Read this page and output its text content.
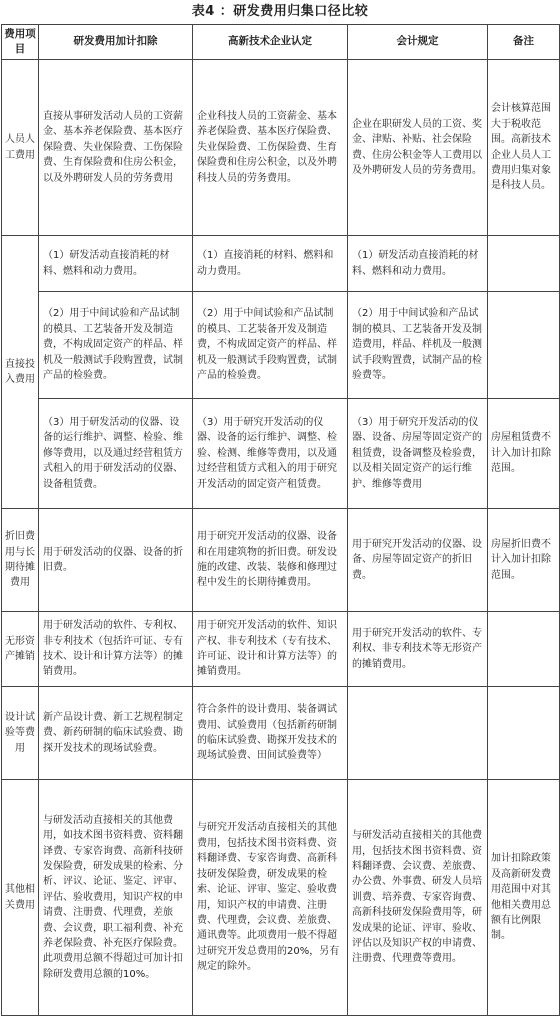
表4 ：研发费用归集口径比较
费用项目	研发费用加计扣除	高新技术企业认定	会计规定	备注
人员人工费用	直接从事研发活动人员的工资薪金、基本养老保险费、基本医疗保险费、失业保险费、工伤保险费、生育保险费和住房公积金，以及外聘研发人员的劳务费用	企业科技人员的工资薪金、基本养老保险费、基本医疗保险费、失业保险费、工伤保险费、生育保险费和住房公积金，以及外聘科技人员的劳务费用。	企业在职研发人员的工资、奖金、津贴、补贴、社会保险费、住房公积金等人工费用以及外聘研发人员的劳务费用。	会计核算范围大于税收范围。高新技术企业人员人工费用归集对象是科技人员。
直接投入费用	（1）研发活动直接消耗的材料、燃料和动力费用。	（1）直接消耗的材料、燃料和动力费用。	（1）研发活动直接消耗的材料、燃料和动力费用。	
	（2）用于中间试验和产品试制的模具、工艺装备开发及制造费，不构成固定资产的样品、样机及一般测试手段购置费，试制产品的检验费。	（2）用于中间试验和产品试制的模具、工艺装备开发及制造费，不构成固定资产的样品、样机及一般测试手段购置费，试制产品的检验费。	（2）用于中间试验和产品试制的模具、工艺装备开发及制造费用，样品、样机及一般测试手段购置费，试制产品的检验费等。	
	（3）用于研发活动的仪器、设备的运行维护、调整、检验、维修等费用，以及通过经营租赁方式租入的用于研发活动的仪器、设备租赁费。	（3）用于研究开发活动的仪器、设备的运行维护、调整、检验、检测、维修等费用，以及通过经营租赁方式租入的用于研究开发活动的固定资产租赁费。	（3）用于研究开发活动的仪器、设备、房屋等固定资产的租赁费，设备调整及检验费，以及相关固定资产的运行维护、维修等费用	房屋租赁费不计入加计扣除范围。
折旧费用与长期待摊费用	用于研发活动的仪器、设备的折旧费。	用于研究开发活动的仪器、设备和在用建筑物的折旧费。研发设施的改建、改装、装修和修理过程中发生的长期待摊费用。	用于研究开发活动的仪器、设备、房屋等固定资产的折旧费。	房屋折旧费不计入加计扣除范围。
无形资产摊销	用于研发活动的软件、专利权、非专利技术（包括许可证、专有技术、设计和计算方法等）的摊销费用。	用于研究开发活动的软件、知识产权、非专利技术（专有技术、许可证、设计和计算方法等）的摊销费用。	用于研究开发活动的软件、专利权、非专利技术等无形资产的摊销费用。	
设计试验等费用	新产品设计费、新工艺规程制定费、新药研制的临床试验费、勘探开发技术的现场试验费。	符合条件的设计费用、装备调试费用、试验费用（包括新药研制的临床试验费、勘探开发技术的现场试验费、田间试验费等）		
其他相关费用	与研发活动直接相关的其他费用，如技术图书资料费、资料翻译费、专家咨询费、高新科技研发保险费，研发成果的检索、分析、评议、论证、鉴定、评审、评估、验收费用，知识产权的申请费、注册费、代理费，差旅费、会议费，职工福利费、补充养老保险费、补充医疗保险费。此项费用总额不得超过可加计扣除研发费用总额的10%。	与研究开发活动直接相关的其他费用，包括技术图书资料费、资料翻译费、专家咨询费、高新科技研发保险费，研发成果的检索、论证、评审、鉴定、验收费用，知识产权的申请费、注册费、代理费，会议费、差旅费、通讯费等。此项费用一般不得超过研究开发总费用的20%，另有规定的除外。	与研发活动直接相关的其他费用，包括技术图书资料费、资料翻译费、会议费、差旅费、办公费、外事费、研发人员培训费、培养费、专家咨询费、高新科技研发保险费用等，研发成果的论证、评审、验收、评估以及知识产权的申请费、注册费、代理费等费用。	加计扣除政策及高新研发费用范围中对其他相关费用总额有比例限制。
